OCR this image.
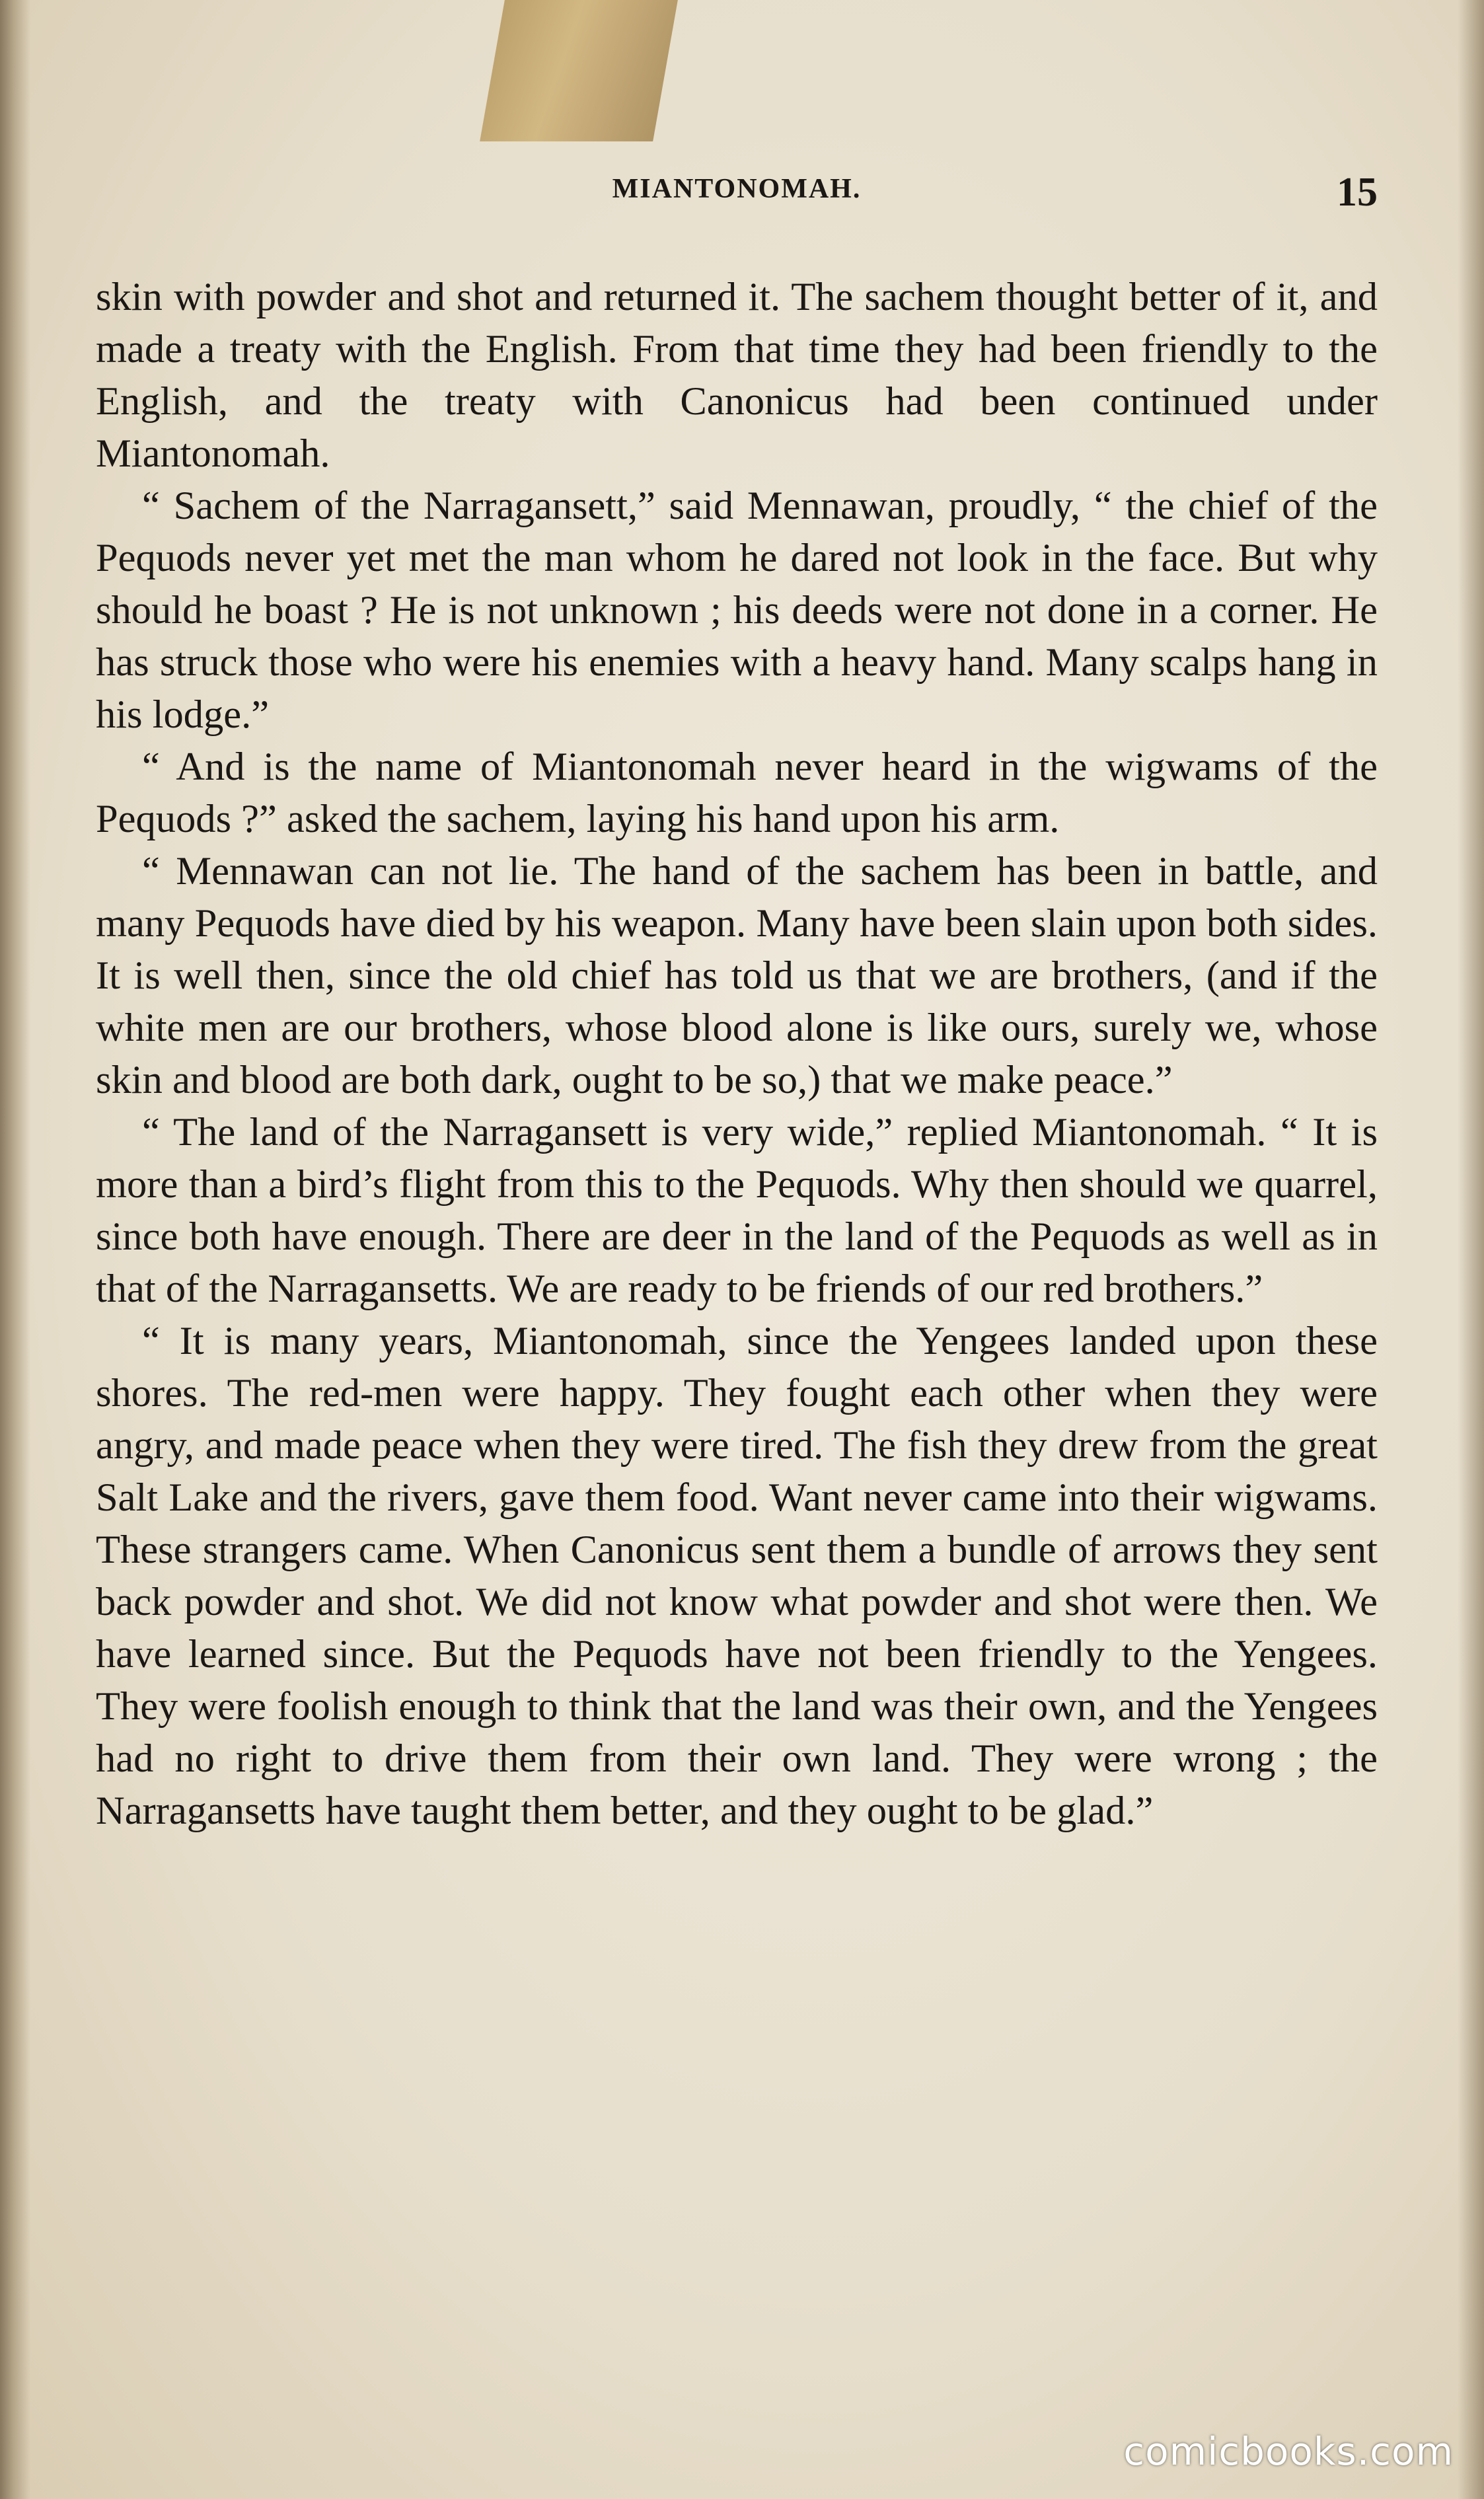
MIANTONOMAH.	15

skin with powder and shot and returned it. The sachem thought better of it, and made a treaty with the English. From that time they had been friendly to the English, and the treaty with Canonicus had been continued under Miantonomah.

“ Sachem of the Narragansett,” said Mennawan, proudly, “ the chief of the Pequods never yet met the man whom he dared not look in the face. But why should he boast ? He is not unknown ; his deeds were not done in a corner. He has struck those who were his enemies with a heavy hand. Many scalps hang in his lodge.”

“ And is the name of Miantonomah never heard in the wigwams of the Pequods ?” asked the sachem, laying his hand upon his arm.

“ Mennawan can not lie. The hand of the sachem has been in battle, and many Pequods have died by his weapon. Many have been slain upon both sides. It is well then, since the old chief has told us that we are brothers, (and if the white men are our brothers, whose blood alone is like ours, surely we, whose skin and blood are both dark, ought to be so,) that we make peace.”

“ The land of the Narragansett is very wide,” replied Miantonomah. “ It is more than a bird’s flight from this to the Pequods. Why then should we quarrel, since both have enough. There are deer in the land of the Pequods as well as in that of the Narragansetts. We are ready to be friends of our red brothers.”

“ It is many years, Miantonomah, since the Yengees landed upon these shores. The red-men were happy. They fought each other when they were angry, and made peace when they were tired. The fish they drew from the great Salt Lake and the rivers, gave them food. Want never came into their wigwams. These strangers came. When Canonicus sent them a bundle of arrows they sent back powder and shot. We did not know what powder and shot were then. We have learned since. But the Pequods have not been friendly to the Yengees. They were foolish enough to think that the land was their own, and the Yengees had no right to drive them from their own land. They were wrong ; the Narragansetts have taught them better, and they ought to be glad.”

comicbooks.com
